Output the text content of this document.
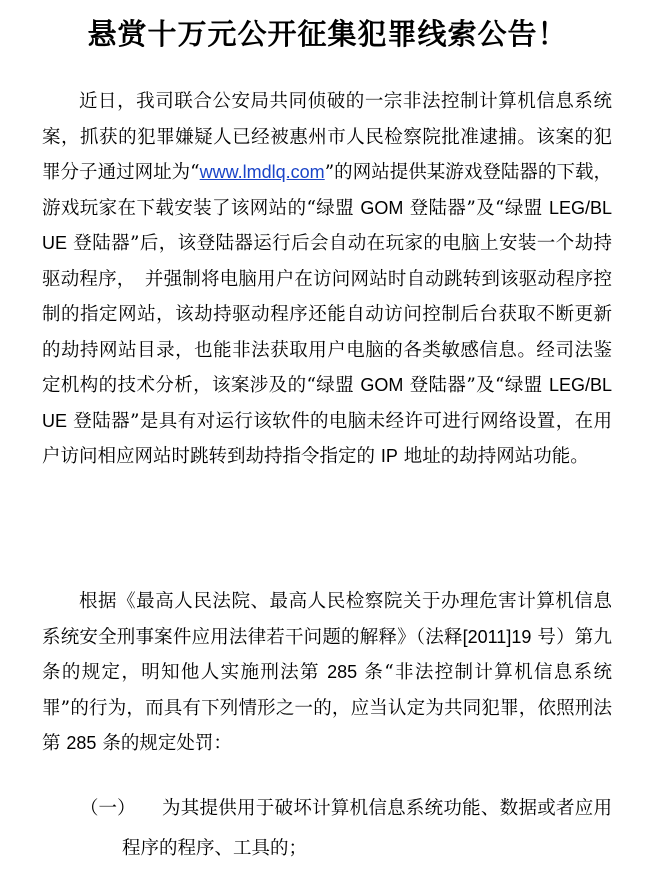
悬赏十万元公开征集犯罪线索公告！
近日，我司联合公安局共同侦破的一宗非法控制计算机信息系统案，抓获的犯罪嫌疑人已经被惠州市人民检察院批准逮捕。该案的犯罪分子通过网址为“www.lmdlq.com”的网站提供某游戏登陆器的下载，游戏玩家在下载安装了该网站的“绿盟 GOM 登陆器”及“绿盟 LEG/BLUE 登陆器”后，该登陆器运行后会自动在玩家的电脑上安装一个劫持驱动程序，　并强制将电脑用户在访问网站时自动跳转到该驱动程序控制的指定网站，该劫持驱动程序还能自动访问控制后台获取不断更新的劫持网站目录，也能非法获取用户电脑的各类敏感信息。经司法鉴定机构的技术分析，该案涉及的“绿盟 GOM 登陆器”及“绿盟 LEG/BLUE 登陆器”是具有对运行该软件的电脑未经许可进行网络设置，在用户访问相应网站时跳转到劫持指令指定的 IP 地址的劫持网站功能。
根据《最高人民法院、最高人民检察院关于办理危害计算机信息系统安全刑事案件应用法律若干问题的解释》（法释[2011]19 号）第九条的规定，明知他人实施刑法第 285 条“非法控制计算机信息系统罪”的行为，而具有下列情形之一的，应当认定为共同犯罪，依照刑法第 285 条的规定处罚：
（一）	为其提供用于破坏计算机信息系统功能、数据或者应用程序的程序、工具的；
